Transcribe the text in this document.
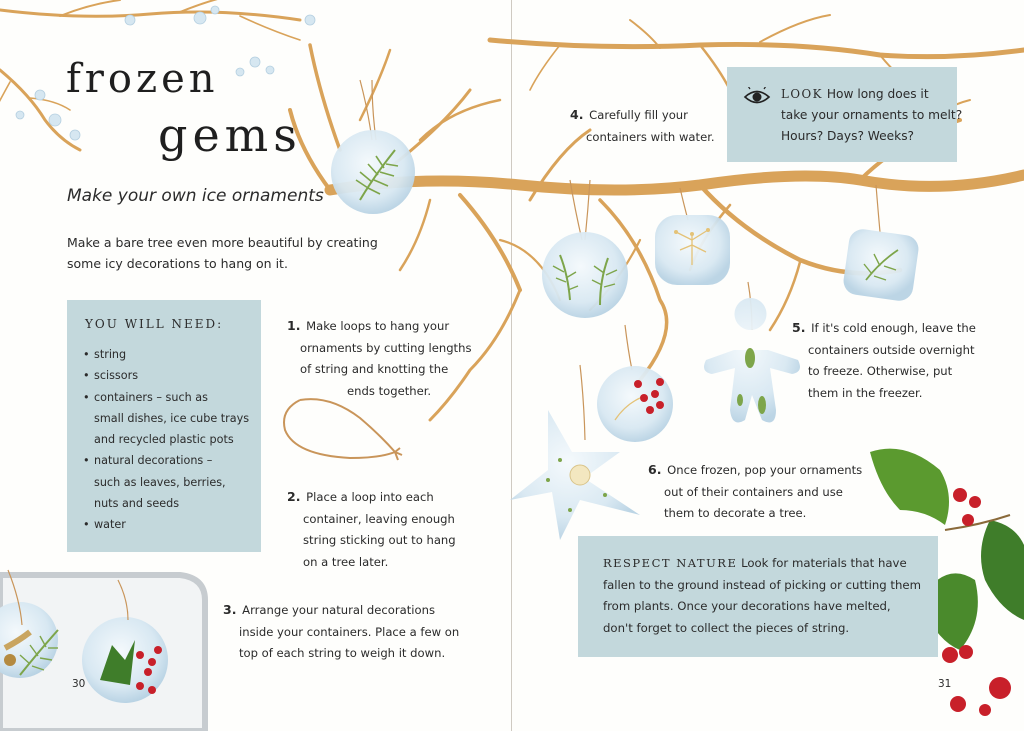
frozen
gems
Make your own ice ornaments
Make a bare tree even more beautiful by creating
some icy decorations to hang on it.
YOU WILL NEED:
• string
• scissors
• containers – such as
small dishes, ice cube trays
and recycled plastic pots
• natural decorations –
such as leaves, berries,
nuts and seeds
• water
1. Make loops to hang your
ornaments by cutting lengths
of string and knotting the
ends together.
2. Place a loop into each
container, leaving enough
string sticking out to hang
on a tree later.
3. Arrange your natural decorations
inside your containers. Place a few on
top of each string to weigh it down.
30
4. Carefully fill your
containers with water.
LOOK How long does it
take your ornaments to melt?
Hours? Days? Weeks?
5. If it's cold enough, leave the
containers outside overnight
to freeze. Otherwise, put
them in the freezer.
6. Once frozen, pop your ornaments
out of their containers and use
them to decorate a tree.
RESPECT NATURE Look for materials that have
fallen to the ground instead of picking or cutting them
from plants. Once your decorations have melted,
don't forget to collect the pieces of string.
31
